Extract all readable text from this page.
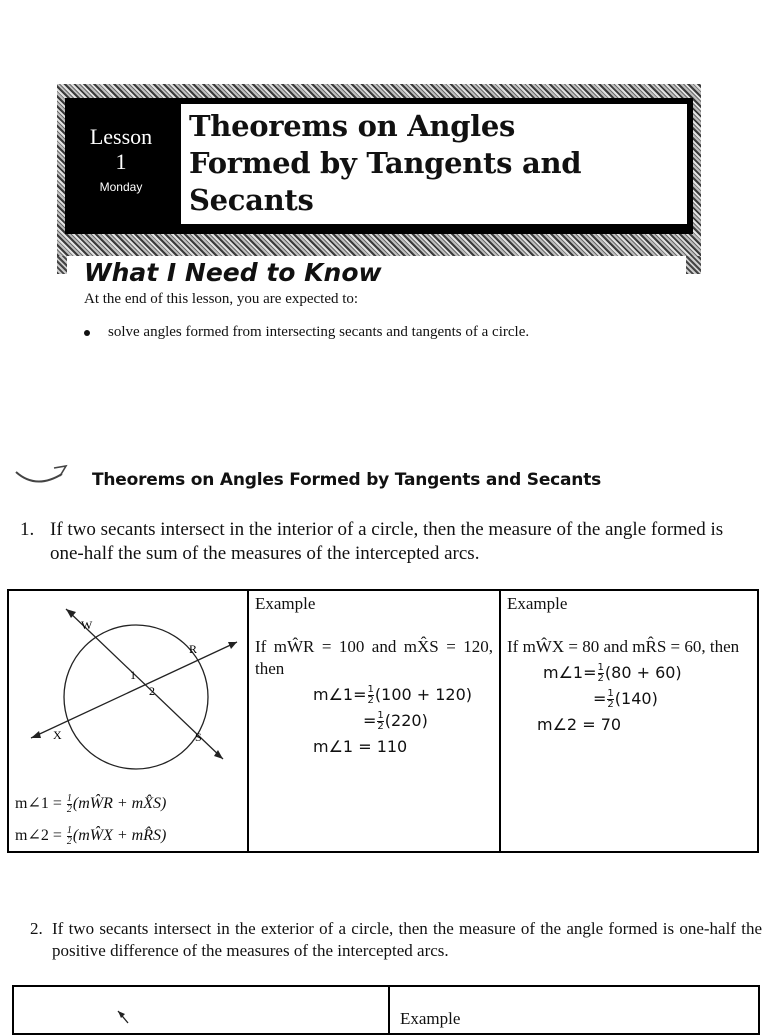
Lesson
1
Monday
Theorems on Angles
Formed by Tangents and
Secants
What I Need to Know
At the end of this lesson, you are expected to:
solve angles formed from intersecting secants and tangents of a circle.
Theorems on Angles Formed by Tangents and Secants
1. If two secants intersect in the interior of a circle, then the measure of the angle formed is one-half the sum of the measures of the intercepted arcs.
W
R
X	S
1
2
m∠1 = $\frac{1}{2}$ (mŴR + mX̂S)
m∠2 = $\frac{1}{2}$ (mŴX + mR̂S)

Example
If mŴR = 100 and mX̂S = 120, then
m∠1= $\frac{1}{2} (100 + 120)$
= $\frac{1}{2} (220)$
m∠1 = 110

Example
If mŴX = 80 and mR̂S = 60, then
m∠1= $\frac{1}{2} (80 + 60)$
= $\frac{1}{2} (140)$
m∠2 = 70
2. If two secants intersect in the exterior of a circle, then the measure of the angle formed is one-half the positive difference of the measures of the intercepted arcs.
Example
